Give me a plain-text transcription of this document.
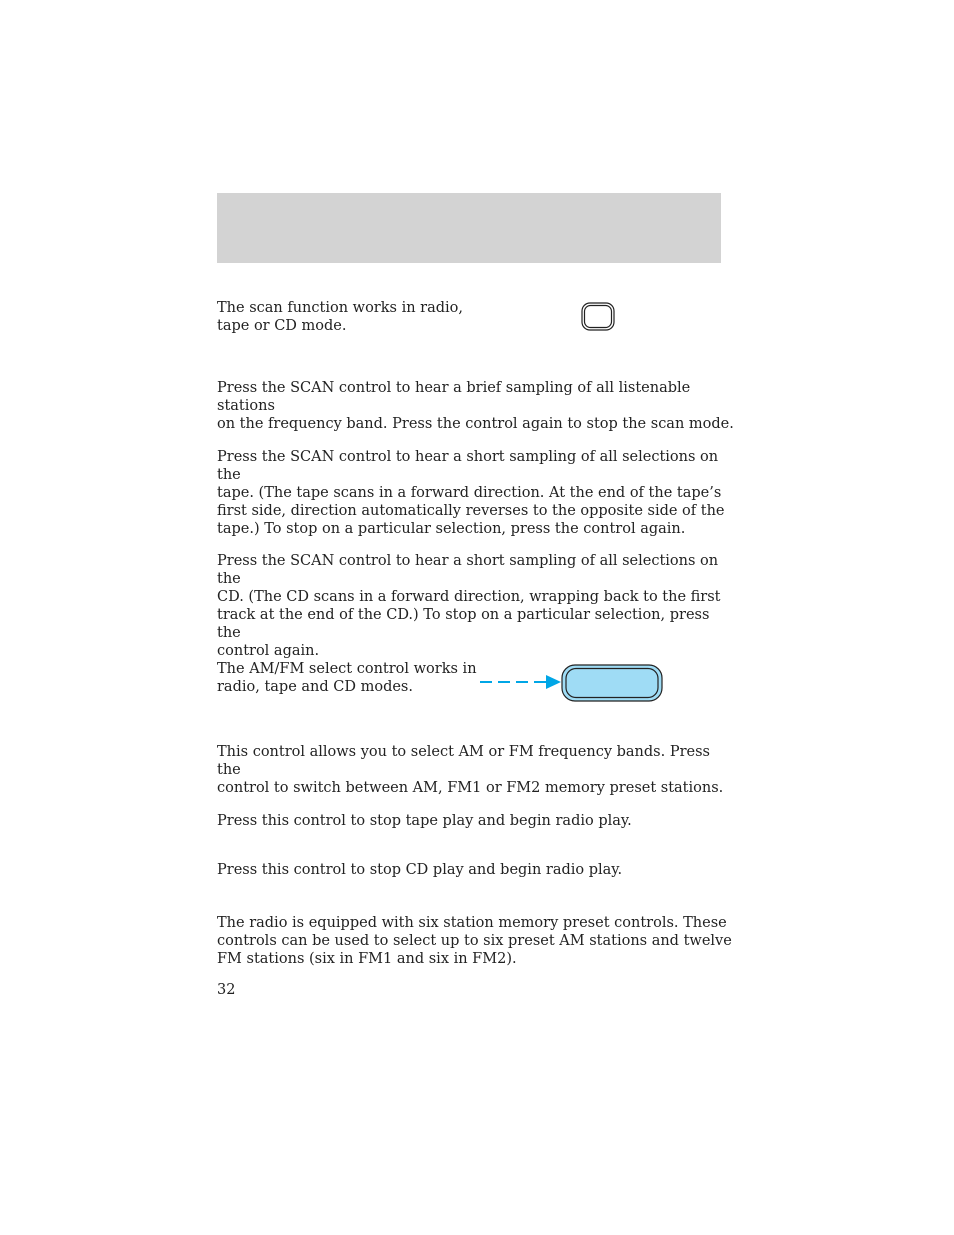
The scan function works in radio,
tape or CD mode.

Press the SCAN control to hear a brief sampling of all listenable stations
on the frequency band. Press the control again to stop the scan mode.

Press the SCAN control to hear a short sampling of all selections on the
tape. (The tape scans in a forward direction. At the end of the tape’s
first side, direction automatically reverses to the opposite side of the
tape.) To stop on a particular selection, press the control again.

Press the SCAN control to hear a short sampling of all selections on the
CD. (The CD scans in a forward direction, wrapping back to the first
track at the end of the CD.) To stop on a particular selection, press the
control again.

The AM/FM select control works in
radio, tape and CD modes.

This control allows you to select AM or FM frequency bands. Press the
control to switch between AM, FM1 or FM2 memory preset stations.

Press this control to stop tape play and begin radio play.

Press this control to stop CD play and begin radio play.

The radio is equipped with six station memory preset controls. These
controls can be used to select up to six preset AM stations and twelve
FM stations (six in FM1 and six in FM2).

32
